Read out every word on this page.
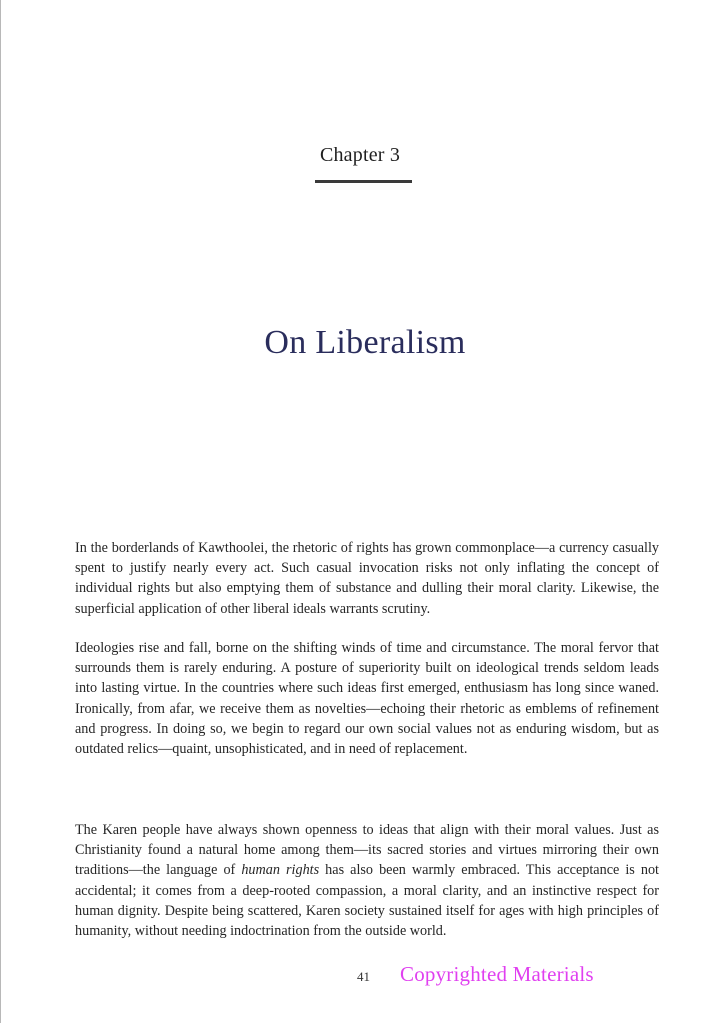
Chapter 3
On Liberalism

In the borderlands of Kawthoolei, the rhetoric of rights has grown commonplace—a currency casually spent to justify nearly every act. Such casual invocation risks not only inflating the concept of individual rights but also emptying them of substance and dulling their moral clarity. Likewise, the superficial application of other liberal ideals warrants scrutiny.

Ideologies rise and fall, borne on the shifting winds of time and circumstance. The moral fervor that surrounds them is rarely enduring. A posture of superiority built on ideological trends seldom leads into lasting virtue. In the countries where such ideas first emerged, enthusiasm has long since waned. Ironically, from afar, we receive them as novelties—echoing their rhetoric as emblems of refinement and progress. In doing so, we begin to regard our own social values not as enduring wisdom, but as outdated relics—quaint, unsophisticated, and in need of replacement.

The Karen people have always shown openness to ideas that align with their moral values. Just as Christianity found a natural home among them—its sacred stories and virtues mirroring their own traditions—the language of human rights has also been warmly embraced. This acceptance is not accidental; it comes from a deep-rooted compassion, a moral clarity, and an instinctive respect for human dignity. Despite being scattered, Karen society sustained itself for ages with high principles of humanity, without needing indoctrination from the outside world.

41 Copyrighted Materials
